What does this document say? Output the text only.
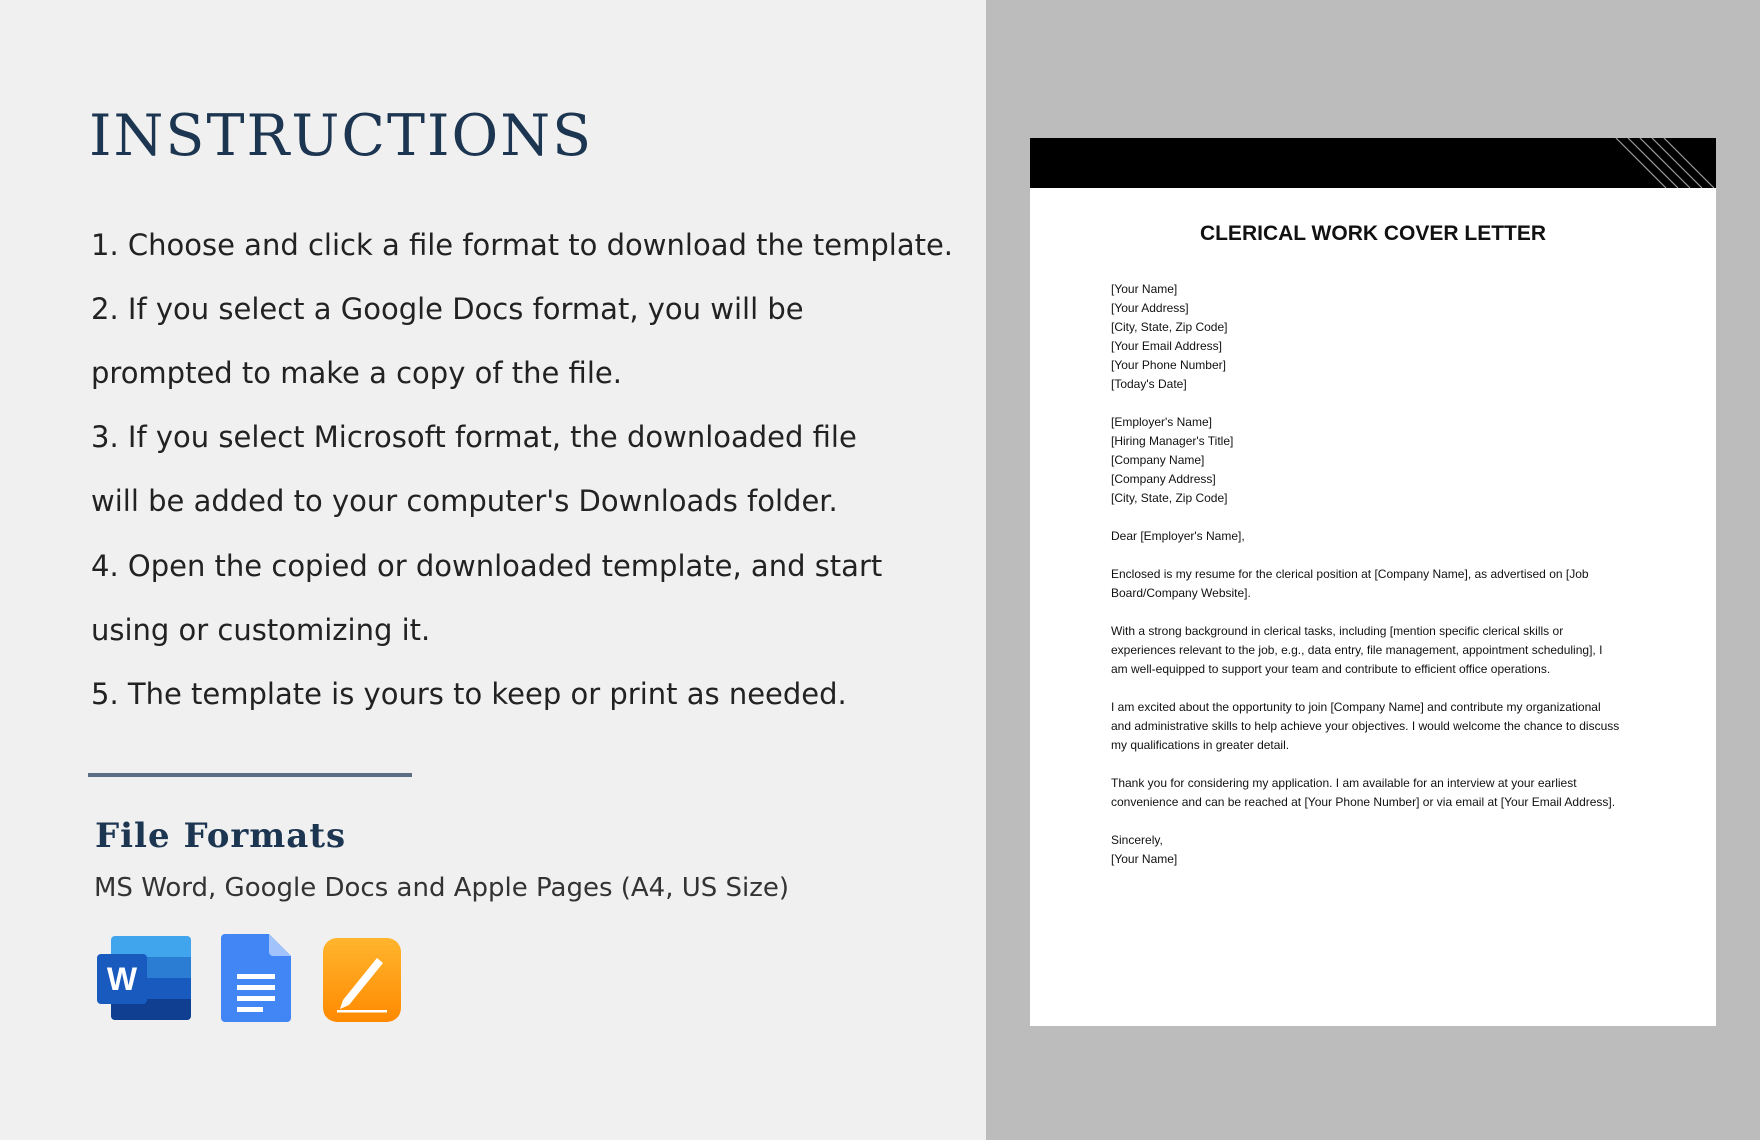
INSTRUCTIONS

1. Choose and click a file format to download the template.

2. If you select a Google Docs format, you will be

prompted to make a copy of the file.

3. If you select Microsoft format, the downloaded file

will be added to your computer's Downloads folder.

4. Open the copied or downloaded template, and start

using or customizing it.

5. The template is yours to keep or print as needed.

File Formats

MS Word, Google Docs and Apple Pages (A4, US Size)

W
CLERICAL WORK COVER LETTER
[Your Name]
[Your Address]
[City, State, Zip Code]
[Your Email Address]
[Your Phone Number]
[Today's Date]
[Employer's Name]
[Hiring Manager's Title]
[Company Name]
[Company Address]
[City, State, Zip Code]
Dear [Employer's Name],
Enclosed is my resume for the clerical position at [Company Name], as advertised on [Job
Board/Company Website].
With a strong background in clerical tasks, including [mention specific clerical skills or
experiences relevant to the job, e.g., data entry, file management, appointment scheduling], I
am well-equipped to support your team and contribute to efficient office operations.
I am excited about the opportunity to join [Company Name] and contribute my organizational
and administrative skills to help achieve your objectives. I would welcome the chance to discuss
my qualifications in greater detail.
Thank you for considering my application. I am available for an interview at your earliest
convenience and can be reached at [Your Phone Number] or via email at [Your Email Address].
Sincerely,
[Your Name]
